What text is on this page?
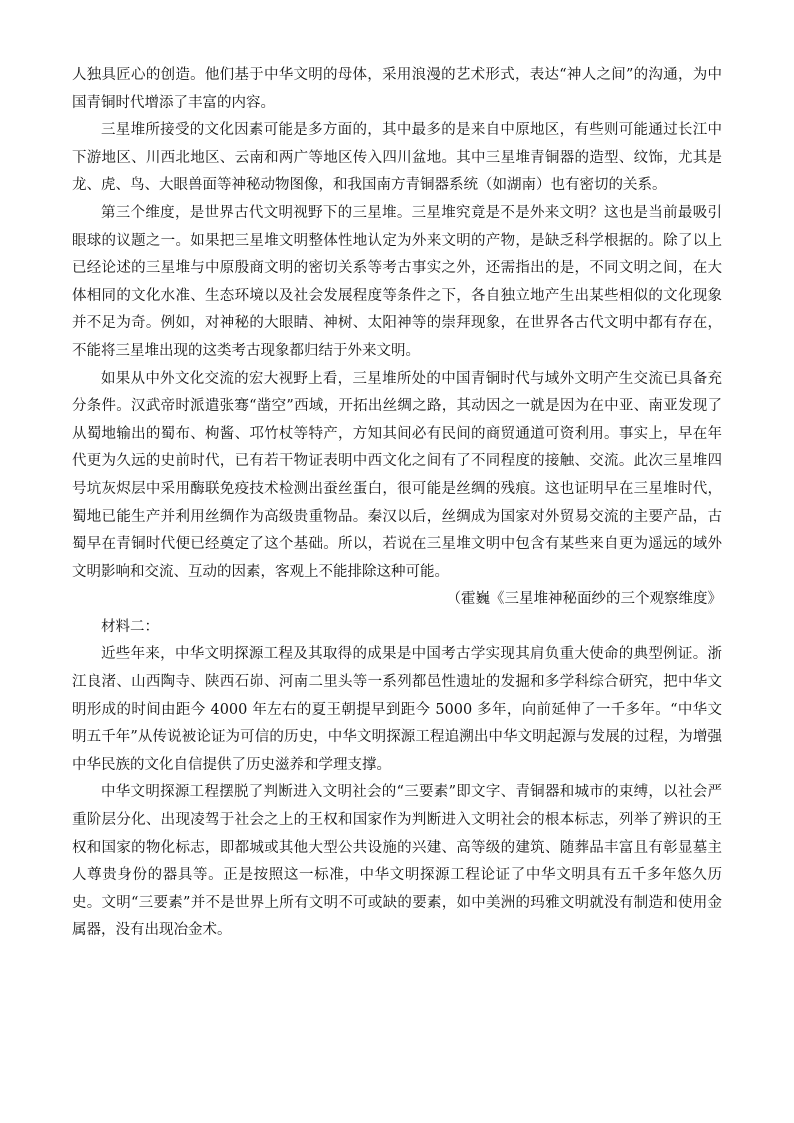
人独具匠心的创造。他们基于中华文明的母体，采用浪漫的艺术形式，表达“神人之间”的沟通，为中国青铜时代增添了丰富的内容。

三星堆所接受的文化因素可能是多方面的，其中最多的是来自中原地区，有些则可能通过长江中下游地区、川西北地区、云南和两广等地区传入四川盆地。其中三星堆青铜器的造型、纹饰，尤其是龙、虎、鸟、大眼兽面等神秘动物图像，和我国南方青铜器系统（如湖南）也有密切的关系。

第三个维度，是世界古代文明视野下的三星堆。三星堆究竟是不是外来文明？这也是当前最吸引眼球的议题之一。如果把三星堆文明整体性地认定为外来文明的产物，是缺乏科学根据的。除了以上已经论述的三星堆与中原殷商文明的密切关系等考古事实之外，还需指出的是，不同文明之间，在大体相同的文化水准、生态环境以及社会发展程度等条件之下，各自独立地产生出某些相似的文化现象并不足为奇。例如，对神秘的大眼睛、神树、太阳神等的崇拜现象，在世界各古代文明中都有存在，不能将三星堆出现的这类考古现象都归结于外来文明。

如果从中外文化交流的宏大视野上看，三星堆所处的中国青铜时代与域外文明产生交流已具备充分条件。汉武帝时派遣张骞“凿空”西域，开拓出丝绸之路，其动因之一就是因为在中亚、南亚发现了从蜀地输出的蜀布、枸酱、邛竹杖等特产，方知其间必有民间的商贸通道可资利用。事实上，早在年代更为久远的史前时代，已有若干物证表明中西文化之间有了不同程度的接触、交流。此次三星堆四号坑灰烬层中采用酶联免疫技术检测出蚕丝蛋白，很可能是丝绸的残痕。这也证明早在三星堆时代，蜀地已能生产并利用丝绸作为高级贵重物品。秦汉以后，丝绸成为国家对外贸易交流的主要产品，古蜀早在青铜时代便已经奠定了这个基础。所以，若说在三星堆文明中包含有某些来自更为遥远的域外文明影响和交流、互动的因素，客观上不能排除这种可能。

（霍巍《三星堆神秘面纱的三个观察维度》

材料二：

近些年来，中华文明探源工程及其取得的成果是中国考古学实现其肩负重大使命的典型例证。浙江良渚、山西陶寺、陕西石峁、河南二里头等一系列都邑性遗址的发掘和多学科综合研究，把中华文明形成的时间由距今 4000 年左右的夏王朝提早到距今 5000 多年，向前延伸了一千多年。“中华文明五千年”从传说被论证为可信的历史，中华文明探源工程追溯出中华文明起源与发展的过程，为增强中华民族的文化自信提供了历史滋养和学理支撑。

中华文明探源工程摆脱了判断进入文明社会的“三要素”即文字、青铜器和城市的束缚，以社会严重阶层分化、出现凌驾于社会之上的王权和国家作为判断进入文明社会的根本标志，列举了辨识的王权和国家的物化标志，即都城或其他大型公共设施的兴建、高等级的建筑、随葬品丰富且有彰显墓主人尊贵身份的器具等。正是按照这一标准，中华文明探源工程论证了中华文明具有五千多年悠久历史。文明“三要素”并不是世界上所有文明不可或缺的要素，如中美洲的玛雅文明就没有制造和使用金属器，没有出现冶金术。
